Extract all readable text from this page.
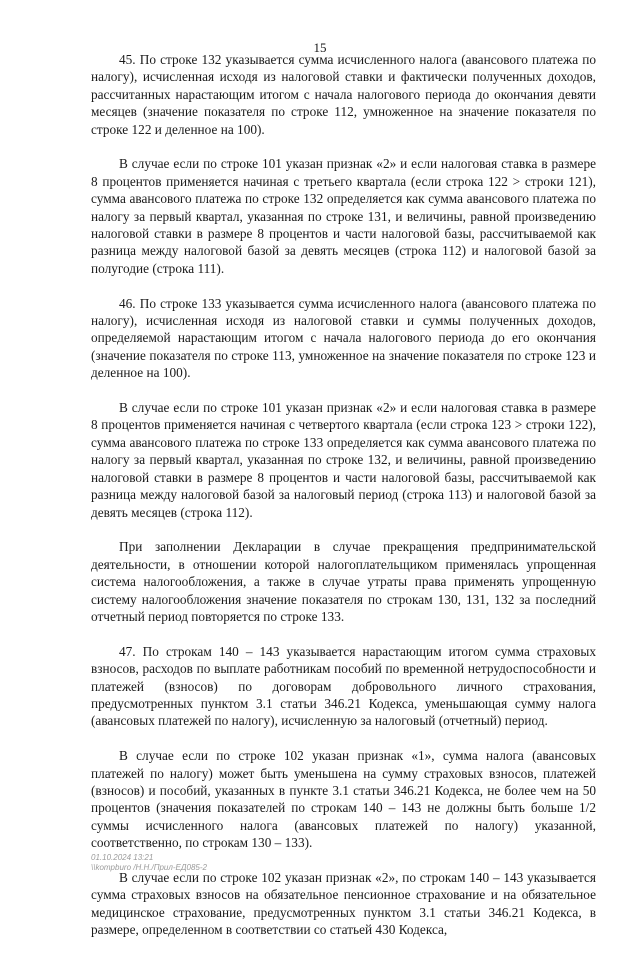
15

45. По строке 132 указывается сумма исчисленного налога (авансового платежа по налогу), исчисленная исходя из налоговой ставки и фактически полученных доходов, рассчитанных нарастающим итогом с начала налогового периода до окончания девяти месяцев (значение показателя по строке 112, умноженное на значение показателя по строке 122 и деленное на 100).

В случае если по строке 101 указан признак «2» и если налоговая ставка в размере 8 процентов применяется начиная с третьего квартала (если строка 122 > строки 121), сумма авансового платежа по строке 132 определяется как сумма авансового платежа по налогу за первый квартал, указанная по строке 131, и величины, равной произведению налоговой ставки в размере 8 процентов и части налоговой базы, рассчитываемой как разница между налоговой базой за девять месяцев (строка 112) и налоговой базой за полугодие (строка 111).

46. По строке 133 указывается сумма исчисленного налога (авансового платежа по налогу), исчисленная исходя из налоговой ставки и суммы полученных доходов, определяемой нарастающим итогом с начала налогового периода до его окончания (значение показателя по строке 113, умноженное на значение показателя по строке 123 и деленное на 100).

В случае если по строке 101 указан признак «2» и если налоговая ставка в размере 8 процентов применяется начиная с четвертого квартала (если строка 123 > строки 122), сумма авансового платежа по строке 133 определяется как сумма авансового платежа по налогу за первый квартал, указанная по строке 132, и величины, равной произведению налоговой ставки в размере 8 процентов и части налоговой базы, рассчитываемой как разница между налоговой базой за налоговый период (строка 113) и налоговой базой за девять месяцев (строка 112).

При заполнении Декларации в случае прекращения предпринимательской деятельности, в отношении которой налогоплательщиком применялась упрощенная система налогообложения, а также в случае утраты права применять упрощенную систему налогообложения значение показателя по строкам 130, 131, 132 за последний отчетный период повторяется по строке 133.

47. По строкам 140 – 143 указывается нарастающим итогом сумма страховых взносов, расходов по выплате работникам пособий по временной нетрудоспособности и платежей (взносов) по договорам добровольного личного страхования, предусмотренных пунктом 3.1 статьи 346.21 Кодекса, уменьшающая сумму налога (авансовых платежей по налогу), исчисленную за налоговый (отчетный) период.

В случае если по строке 102 указан признак «1», сумма налога (авансовых платежей по налогу) может быть уменьшена на сумму страховых взносов, платежей (взносов) и пособий, указанных в пункте 3.1 статьи 346.21 Кодекса, не более чем на 50 процентов (значения показателей по строкам 140 – 143 не должны быть больше 1/2 суммы исчисленного налога (авансовых платежей по налогу) указанной, соответственно, по строкам 130 – 133).

В случае если по строке 102 указан признак «2», по строкам 140 – 143 указывается сумма страховых взносов на обязательное пенсионное страхование и на обязательное медицинское страхование, предусмотренных пунктом 3.1 статьи 346.21 Кодекса, в размере, определенном в соответствии со статьей 430 Кодекса,

01.10.2024 13:21
\\kompburo /Н.Н./Прил-ЕД085-2
